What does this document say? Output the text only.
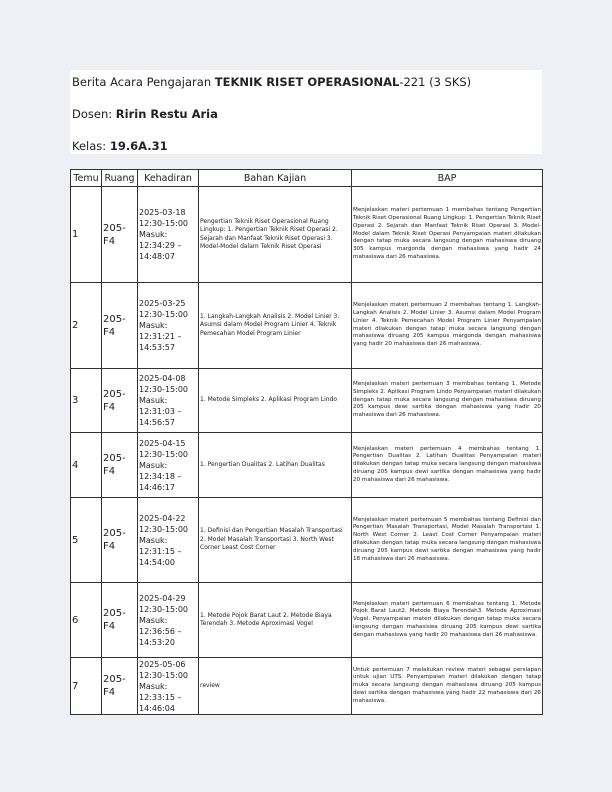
Berita Acara Pengajaran TEKNIK RISET OPERASIONAL-221 (3 SKS)
Dosen: Ririn Restu Aria
Kelas: 19.6A.31
Temu	Ruang	Kehadiran	Bahan Kajian	BAP
1	205-F4	2025-03-18 12:30-15:00 Masuk: 12:34:29 – 14:48:07	Pengertian Teknik Riset Operasional Ruang Lingkup: 1. Pengertian Teknik Riset Operasi 2. Sejarah dan Manfaat Teknik Riset Operasi 3. Model-Model dalam Teknik Riset Operasi	Menjelaskan materi pertemuan 1 membahas tentang Pengertian Teknik Riset Operasional Ruang Lingkup: 1. Pengertian Teknik Riset Operasi 2. Sejarah dan Manfaat Teknik Riset Operasi 3. Model-Model dalam Teknik Riset Operasi Penyampaian materi dilakukan dengan tatap muka secara langsung dengan mahasiswa diruang 305 kampus margonda dengan mahasiswa yang hadir 24 mahasiswa dari 26 mahasiswa.
2	205-F4	2025-03-25 12:30-15:00 Masuk: 12:31:21 – 14:53:57	1. Langkah-Langkah Analisis 2. Model Linier 3. Asumsi dalam Model Program Linier 4. Teknik Pemecahan Model Program Linier	Menjelaskan materi pertemuan 2 membahas tentang 1. Langkah-Langkah Analisis 2. Model Linier 3. Asumsi dalam Model Program Linier 4. Teknik Pemecahan Model Program Linier Penyampaian materi dilakukan dengan tatap muka secara langsung dengan mahasiswa diruang 205 kampus margonda dengan mahasiswa yang hadir 20 mahasiswa dari 26 mahasiswa.
3	205-F4	2025-04-08 12:30-15:00 Masuk: 12:31:03 – 14:56:57	1. Metode Simpleks 2. Aplikasi Program Lindo	Menjelaskan materi pertemuan 3 membahas tentang 1. Metode Simpleks 2. Aplikasi Program Lindo Penyampaian materi dilakukan dengan tatap muka secara langsung dengan mahasiswa diruang 205 kampus dewi sartika dengan mahasiswa yang hadir 20 mahasiswa dari 26 mahasiswa.
4	205-F4	2025-04-15 12:30-15:00 Masuk: 12:34:18 – 14:46:17	1. Pengertian Dualitas 2. Latihan Dualitas	Menjelaskan materi pertemuan 4 membahas tentang 1. Pengertian Dualitas 2. Latihan Dualitas Penyampaian materi dilakukan dengan tatap muka secara langsung dengan mahasiswa diruang 205 kampus dewi sartika dengan mahasiswa yang hadir 20 mahasiswa dari 26 mahasiswa.
5	205-F4	2025-04-22 12:30-15:00 Masuk: 12:31:15 – 14:54:00	1. Definisi dan Pengertian Masalah Transportasi 2. Model Masalah Transportasi 3. North West Corner Least Cost Corner	Menjelaskan materi pertemuan 5 membahas tentang Definisi dan Pengertian Masalah Transportasi, Model Masalah Transportasi 1. North West Corner 2. Least Cost Corner Penyampaian materi dilakukan dengan tatap muka secara langsung dengan mahasiswa diruang 205 kampus dewi sartika dengan mahasiswa yang hadir 18 mahasiswa dari 26 mahasiswa.
6	205-F4	2025-04-29 12:30-15:00 Masuk: 12:36:56 – 14:53:20	1. Metode Pojok Barat Laut 2. Metode Biaya Terendah 3. Metode Aproximasi Vogel	Menjelaskan materi pertemuan 6 membahas tentang 1. Metode Pojok Barat Laut2. Metode Biaya Terendah3. Metode Aproximasi Vogel. Penyampaian materi dilakukan dengan tatap muka secara langsung dengan mahasiswa diruang 205 kampus dewi sartika dengan mahasiswa yang hadir 20 mahasiswa dari 26 mahasiswa.
7	205-F4	2025-05-06 12:30-15:00 Masuk: 12:33:15 – 14:46:04	review	Untuk pertemuan 7 melakukan review materi sebagai persiapan untuk ujian UTS. Penyampaian materi dilakukan dengan tatap muka secara langsung dengan mahasiswa diruang 205 kampus dewi sartika dengan mahasiswa yang hadir 22 mahasiswa dari 26 mahasiswa.
